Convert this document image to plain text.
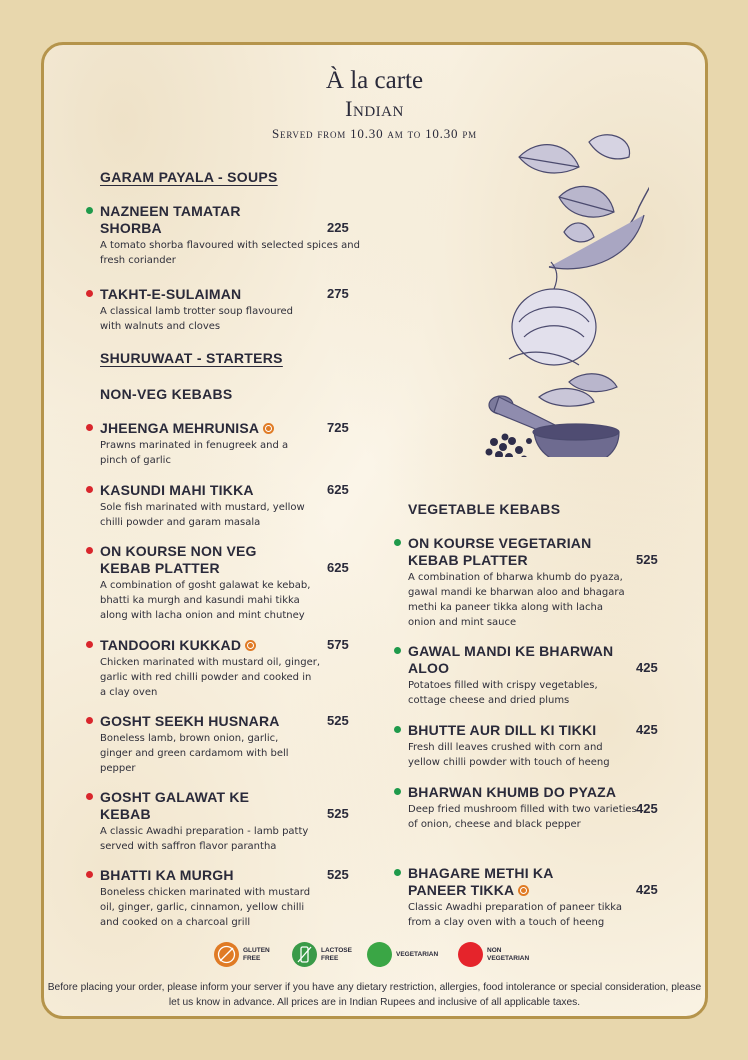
À la carte
Indian
Served from 10.30 am to 10.30 pm
GARAM PAYALA - SOUPS
SHURUWAAT - STARTERS
NON-VEG KEBABS
VEGETABLE KEBABS
NAZNEEN TAMATAR SHORBA
A tomato shorba flavoured with selected spices and fresh coriander
225
TAKHT-E-SULAIMAN
A classical lamb trotter soup flavoured with walnuts and cloves
275
JHEENGA MEHRUNISA
Prawns marinated in fenugreek and a pinch of garlic
725
KASUNDI MAHI TIKKA
Sole fish marinated with mustard, yellow chilli powder and garam masala
625
ON KOURSE NON VEG KEBAB PLATTER
A combination of gosht galawat ke kebab, bhatti ka murgh and kasundi mahi tikka along with lacha onion and mint chutney
625
TANDOORI KUKKAD
Chicken marinated with mustard oil, ginger, garlic with red chilli powder and cooked in a clay oven
575
GOSHT SEEKH HUSNARA
Boneless lamb, brown onion, garlic, ginger and green cardamom with bell pepper
525
GOSHT GALAWAT KE KEBAB
A classic Awadhi preparation - lamb patty served with saffron flavor parantha
525
BHATTI KA MURGH
Boneless chicken marinated with mustard oil, ginger, garlic, cinnamon, yellow chilli and cooked on a charcoal grill
525
ON KOURSE VEGETARIAN KEBAB PLATTER
A combination of bharwa khumb do pyaza, gawal mandi ke bharwan aloo and bhagara methi ka paneer tikka along with lacha onion and mint sauce
525
GAWAL MANDI KE BHARWAN ALOO
Potatoes filled with crispy vegetables, cottage cheese and dried plums
425
BHUTTE AUR DILL KI TIKKI
Fresh dill leaves crushed with corn and yellow chilli powder with touch of heeng
425
BHARWAN KHUMB DO PYAZA
Deep fried mushroom filled with two varieties of onion, cheese and black pepper
425
BHAGARE METHI KA PANEER TIKKA
Classic Awadhi preparation of paneer tikka from a clay oven with a touch of heeng
425
GLUTEN
FREE
LACTOSE
FREE
VEGETARIAN
NON
VEGETARIAN
Before placing your order, please inform your server if you have any dietary restriction, allergies, food intolerance or special consideration, please let us know in advance. All prices are in Indian Rupees and inclusive of all applicable taxes.
